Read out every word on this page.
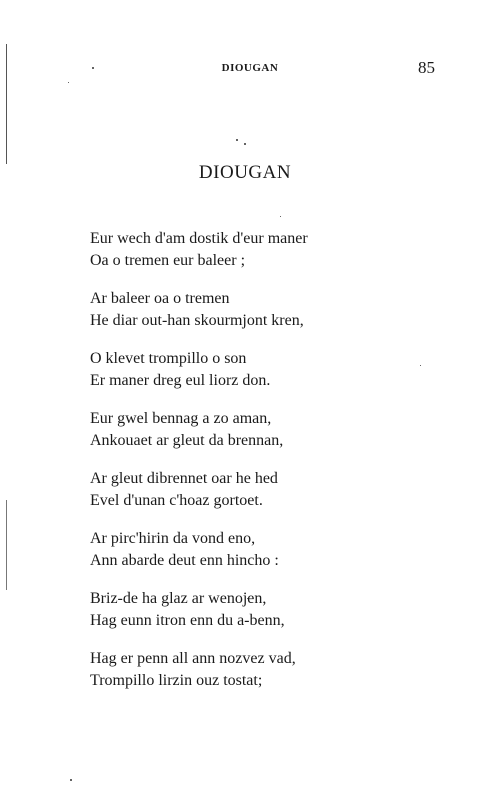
DIOUGAN	85
DIOUGAN
Eur wech d'am dostik d'eur maner
Oa o tremen eur baleer ;
Ar baleer oa o tremen
He diar out-han skourmjont kren,
O klevet trompillo o son
Er maner dreg eul liorz don.
Eur gwel bennag a zo aman,
Ankouaet ar gleut da brennan,
Ar gleut dibrennet oar he hed
Evel d'unan c'hoaz gortoet.
Ar pirc'hirin da vond eno,
Ann abarde deut enn hincho :
Briz-de ha glaz ar wenojen,
Hag eunn itron enn du a-benn,
Hag er penn all ann nozvez vad,
Trompillo lirzin ouz tostat;
